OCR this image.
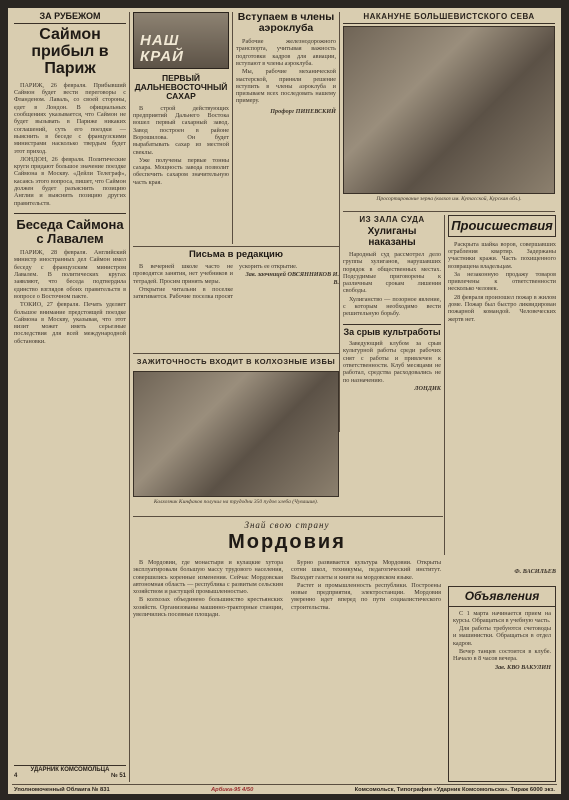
ЗА РУБЕЖОМ
Саймон прибыл в Париж

ПАРИЖ, 26 февраля. Прибывший Саймон будет вести переговоры с Фланденом. Лаваль, со своей стороны, едет в Лондон. В официальных сообщениях указывается, что Саймон не будет вызывать в Париже никаких соглашений, суть его поездки — выяснить в беседе с французскими министрами насколько твердым будет этот приход.

ЛОНДОН, 26 февраля. Политические круги придают большое значение поездке Саймона в Москву. «Дейли Телеграф», касаясь этого вопроса, пишет, что Саймон должен будет разъяснить позицию Англии и выяснить позицию других правительств.

Беседа Саймона с Лавалем

ПАРИЖ, 28 февраля. Английский министр иностранных дел Саймон имел беседу с французским министром Лавалем. В политических кругах заявляют, что беседа подтвердила единство взглядов обоих правительств в вопросе о Восточном пакте.

ТОКИО, 27 февраля. Печать уделяет большое внимание предстоящей поездке Саймона в Москву, указывая, что этот визит может иметь серьезные последствия для всей международной обстановки.

УДАРНИК КОМСОМОЛЬЦА
4	№ 51
НАШ КРАЙ
ПЕРВЫЙ ДАЛЬНЕВОСТОЧНЫЙ САХАР

В строй действующих предприятий Дальнего Востока вошел первый сахарный завод. Завод построен в районе Ворошилова. Он будет вырабатывать сахар из местной свеклы.

Уже получены первые тонны сахара. Мощность завода позволит обеспечить сахаром значительную часть края.

Вступаем в члены аэроклуба

Рабочие железнодорожного транспорта, учитывая важность подготовки кадров для авиации, вступают в члены аэроклуба.

Мы, рабочие механической мастерской, приняли решение вступить в члены аэроклуба и призываем всех последовать нашему примеру.

Профорг ПИНЕВСКИЙ
НАКАНУНЕ БОЛЬШЕВИСТСКОГО СЕВА
Просортирование зерна (колхоз им. Кутасской, Курская обл.).
ИЗ ЗАЛА СУДА
Хулиганы наказаны

Народный суд рассмотрел дело группы хулиганов, нарушавших порядок в общественных местах. Подсудимые приговорены к различным срокам лишения свободы.

Хулиганство — позорное явление, с которым необходимо вести решительную борьбу.

За срыв культработы

Заведующий клубом за срыв культурной работы среди рабочих снят с работы и привлечен к ответственности. Клуб месяцами не работал, средства расходовались не по назначению.

ЛОНДИК
Происшествия

Раскрыта шайка воров, совершавших ограбления квартир. Задержаны участники кражи. Часть похищенного возвращена владельцам.

За незаконную продажу товаров привлечены к ответственности несколько человек.

28 февраля произошел пожар в жилом доме. Пожар был быстро ликвидирован пожарной командой. Человеческих жертв нет.

Письма в редакцию

В вечерней школе часто не проводятся занятия, нет учебников и тетрадей. Просим принять меры.

Открытие читальни в поселке затягивается. Рабочие поселка просят ускорить ее открытие.

Зав. заочницей ОВСЯННИКОВ И. В.

ЗАЖИТОЧНОСТЬ ВХОДИТ В КОЛХОЗНЫЕ ИЗБЫ
Колхозник Кинфаков получил на трудодни 350 пудов хлеба (Чувашия).
Знай свою страну
Мордовия

В Мордовии, где монастыри и кулацкие хутора эксплуатировали большую массу трудового населения, совершились коренные изменения. Сейчас Мордовская автономная область — республика с развитым сельским хозяйством и растущей промышленностью.

В колхозах объединено большинство крестьянских хозяйств. Организованы машинно-тракторные станции, увеличились посевные площади.

Бурно развивается культура Мордовии. Открыты сотни школ, техникумы, педагогический институт. Выходят газеты и книги на мордовском языке.

Растет и промышленность республики. Построены новые предприятия, электростанции. Мордовия уверенно идет вперед по пути социалистического строительства.

Ф. ВАСИЛЬЕВ
Объявления

С 1 марта начинается прием на курсы. Обращаться в учебную часть.

Для работы требуются счетоводы и машинистки. Обращаться в отдел кадров.

Вечер танцев состоится в клубе. Начало в 8 часов вечера.

Зав. КВО ВАКУЛИН

Уполномоченный Облаига № 831	Арбика-95 4/50	Комсомольск, Типография «Ударник Комсомольска». Тираж 6000 экз.
